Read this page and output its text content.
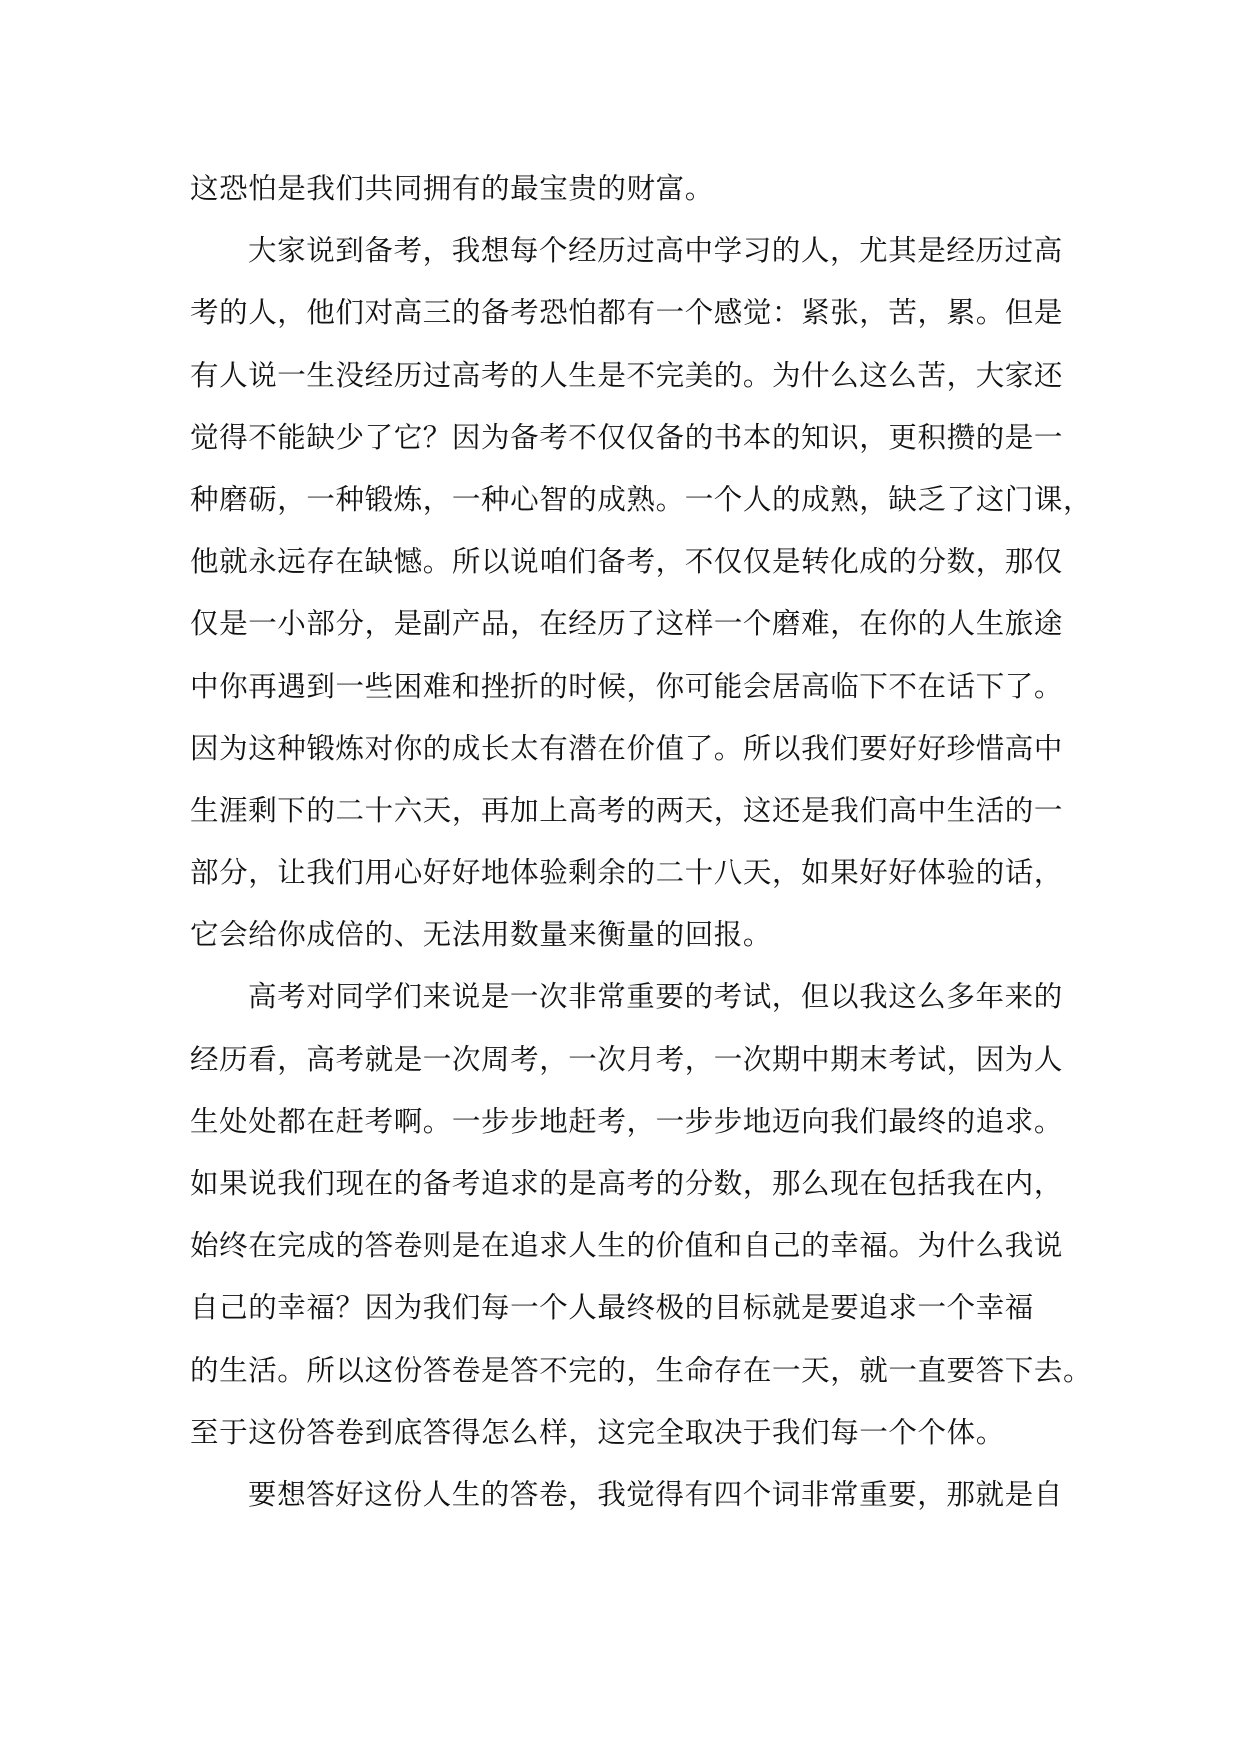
这恐怕是我们共同拥有的最宝贵的财富。
大家说到备考，我想每个经历过高中学习的人，尤其是经历过高
考的人，他们对高三的备考恐怕都有一个感觉：紧张，苦，累。但是
有人说一生没经历过高考的人生是不完美的。为什么这么苦，大家还
觉得不能缺少了它？因为备考不仅仅备的书本的知识，更积攒的是一
种磨砺，一种锻炼，一种心智的成熟。一个人的成熟，缺乏了这门课，
他就永远存在缺憾。所以说咱们备考，不仅仅是转化成的分数，那仅
仅是一小部分，是副产品，在经历了这样一个磨难，在你的人生旅途
中你再遇到一些困难和挫折的时候，你可能会居高临下不在话下了。
因为这种锻炼对你的成长太有潜在价值了。所以我们要好好珍惜高中
生涯剩下的二十六天，再加上高考的两天，这还是我们高中生活的一
部分，让我们用心好好地体验剩余的二十八天，如果好好体验的话，
它会给你成倍的、无法用数量来衡量的回报。
高考对同学们来说是一次非常重要的考试，但以我这么多年来的
经历看，高考就是一次周考，一次月考，一次期中期末考试，因为人
生处处都在赶考啊。一步步地赶考，一步步地迈向我们最终的追求。
如果说我们现在的备考追求的是高考的分数，那么现在包括我在内，
始终在完成的答卷则是在追求人生的价值和自己的幸福。为什么我说
自己的幸福？因为我们每一个人最终极的目标就是要追求一个幸福
的生活。所以这份答卷是答不完的，生命存在一天，就一直要答下去。
至于这份答卷到底答得怎么样，这完全取决于我们每一个个体。
要想答好这份人生的答卷，我觉得有四个词非常重要，那就是自
